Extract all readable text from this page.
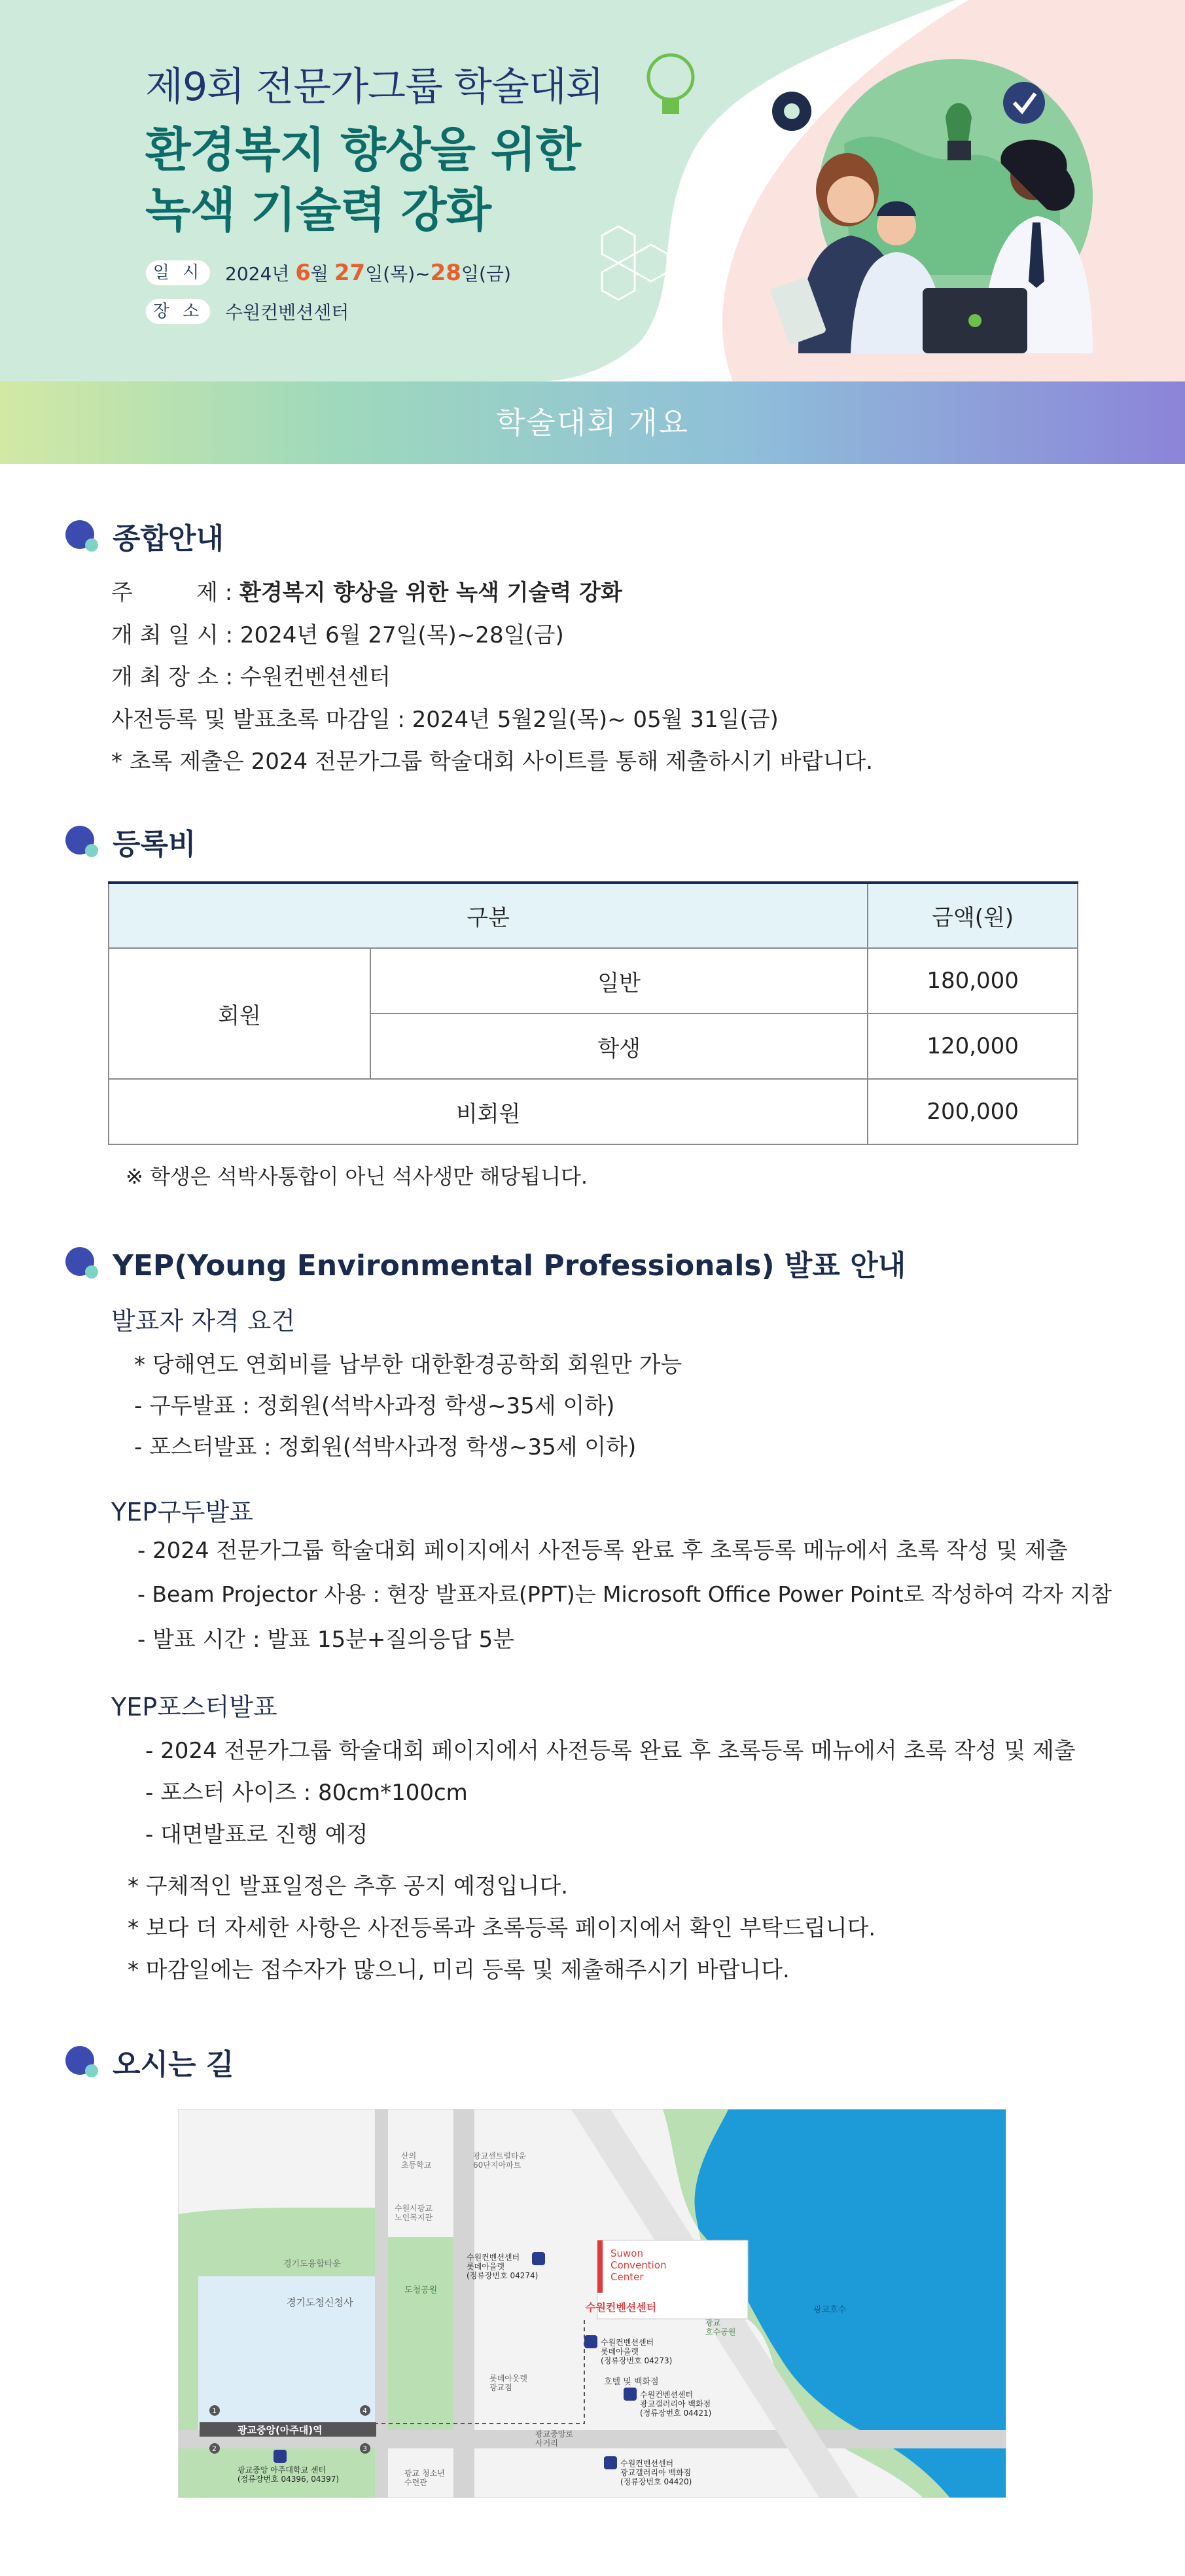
제9회 전문가그룹 학술대회
환경복지 향상을 위한
녹색 기술력 강화
일 시	2024년
6 월
27 일(목)~ 28 일(금)
장 소	수원컨벤션센터
학술대회 개요
종합안내
주         제 : 환경복지 향상을 위한 녹색 기술력 강화
개 최 일 시 : 2024년 6월 27일(목)~28일(금)
개 최 장 소 : 수원컨벤션센터
사전등록 및 발표초록 마감일 : 2024년 5월2일(목)~ 05월 31일(금)
* 초록 제출은 2024 전문가그룹 학술대회 사이트를 통해 제출하시기 바랍니다.
등록비
구분		금액(원)
회원	일반	180,000
	학생	120,000
비회원		200,000
※ 학생은 석박사통합이 아닌 석사생만 해당됩니다.
YEP(Young Environmental Professionals) 발표 안내
발표자 자격 요건
* 당해연도 연회비를 납부한 대한환경공학회 회원만 가능
- 구두발표 : 정회원(석박사과정 학생~35세 이하)
- 포스터발표 : 정회원(석박사과정 학생~35세 이하)
YEP구두발표
- 2024 전문가그룹 학술대회 페이지에서 사전등록 완료 후 초록등록 메뉴에서 초록 작성 및 제출
- Beam Projector 사용 : 현장 발표자료(PPT)는 Microsoft Office Power Point로 작성하여 각자 지참
- 발표 시간 : 발표 15분+질의응답 5분
YEP포스터발표
- 2024 전문가그룹 학술대회 페이지에서 사전등록 완료 후 초록등록 메뉴에서 초록 작성 및 제출
- 포스터 사이즈 : 80cm*100cm
- 대면발표로 진행 예정
* 구체적인 발표일정은 추후 공지 예정입니다.
* 보다 더 자세한 사항은 사전등록과 초록등록 페이지에서 확인 부탁드립니다.
* 마감일에는 접수자가 많으니, 미리 등록 및 제출해주시기 바랍니다.
오시는 길
Suwon
Convention
Center
수원컨벤션센터
광교중앙(아주대)역
1
2	3
4
산의 초등학교
광교센트럴타운 60단지아파트
수원시광교 노인복지관
경기도융합타운
경기도청신청사
도청공원
수원컨벤션센터 롯데아울렛 (정류장번호 04274)
수원컨벤션센터 롯데아울렛 (정류장번호 04273)
호텔 및 백화점
수원컨벤션센터 광교갤러리아 백화점 (정류장번호 04421)
롯데아웃렛 광교점
수원컨벤션센터 광교갤러리아 백화점 (정류장번호 04420)
광교중앙로 사거리
광교 청소년 수련관
광교중앙 아주대학교 센터 (정류장번호 04396, 04397)
광교호수
광교 호수공원
